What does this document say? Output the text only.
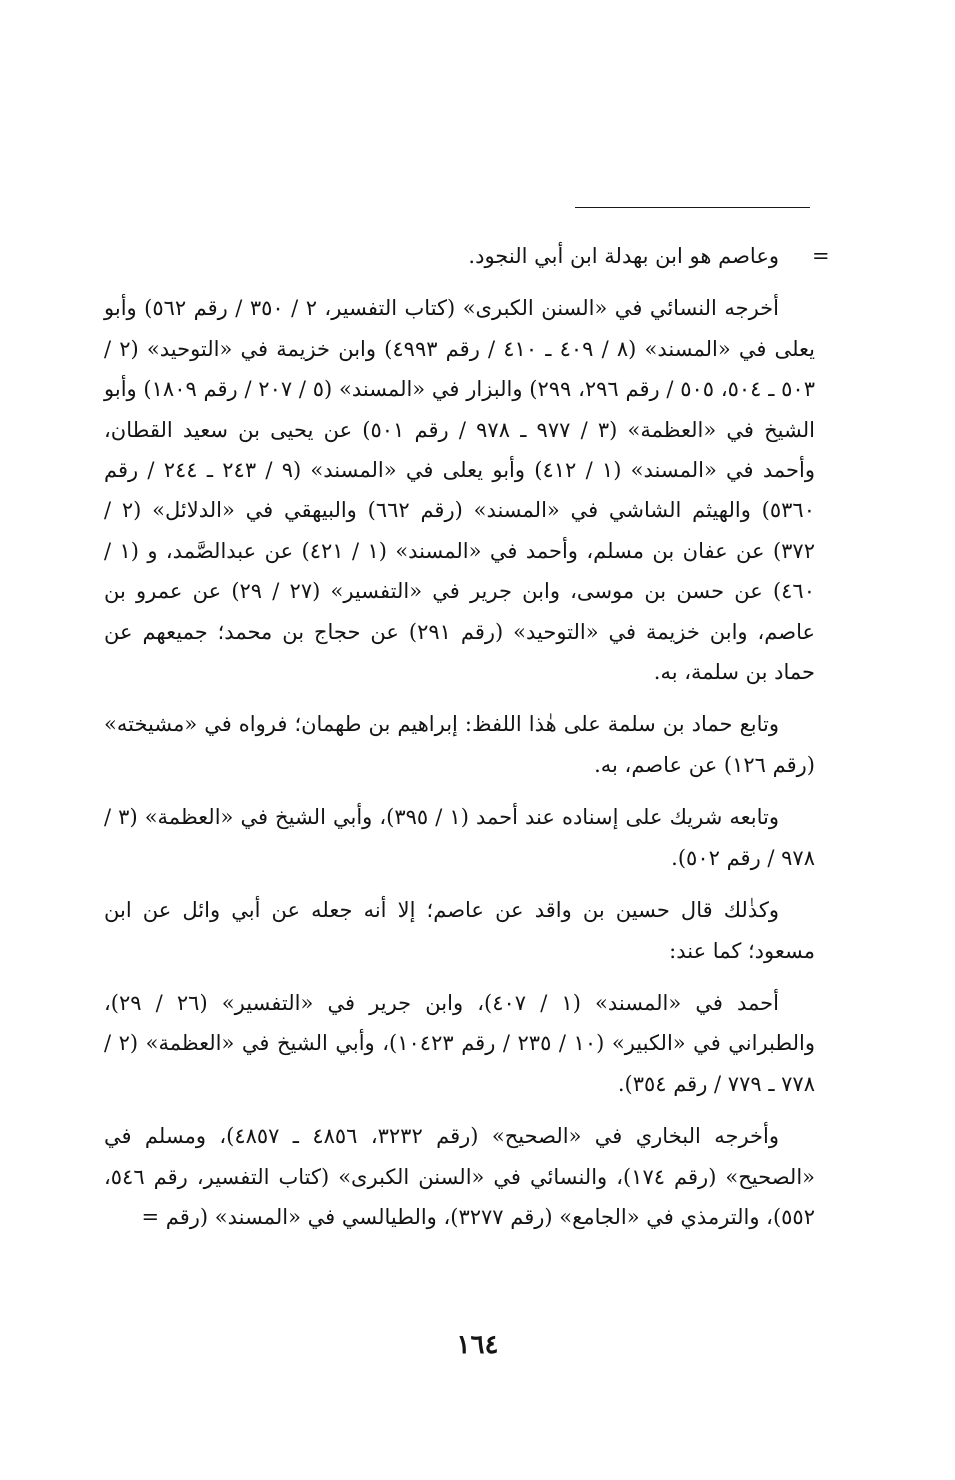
=

وعاصم هو ابن بهدلة ابن أبي النجود.

أخرجه النسائي في «السنن الكبرى» (كتاب التفسير، ٢ / ٣٥٠ / رقم ٥٦٢) وأبو يعلى في «المسند» (٨ / ٤٠٩ ـ ٤١٠ / رقم ٤٩٩٣) وابن خزيمة في «التوحيد» (٢ / ٥٠٣ ـ ٥٠٤، ٥٠٥ / رقم ٢٩٦، ٢٩٩) والبزار في «المسند» (٥ / ٢٠٧ / رقم ١٨٠٩) وأبو الشيخ في «العظمة» (٣ / ٩٧٧ ـ ٩٧٨ / رقم ٥٠١) عن يحيى بن سعيد القطان، وأحمد في «المسند» (١ / ٤١٢) وأبو يعلى في «المسند» (٩ / ٢٤٣ ـ ٢٤٤ / رقم ٥٣٦٠) والهيثم الشاشي في «المسند» (رقم ٦٦٢) والبيهقي في «الدلائل» (٢ / ٣٧٢) عن عفان بن مسلم، وأحمد في «المسند» (١ / ٤٢١) عن عبدالصَّمد، و (١ / ٤٦٠) عن حسن بن موسى، وابن جرير في «التفسير» (٢٧ / ٢٩) عن عمرو بن عاصم، وابن خزيمة في «التوحيد» (رقم ٢٩١) عن حجاج بن محمد؛ جميعهم عن حماد بن سلمة، به.

وتابع حماد بن سلمة على هٰذا اللفظ: إبراهيم بن طهمان؛ فرواه في «مشيخته» (رقم ١٢٦) عن عاصم، به.

وتابعه شريك على إسناده عند أحمد (١ / ٣٩٥)، وأبي الشيخ في «العظمة» (٣ / ٩٧٨ / رقم ٥٠٢).

وكذٰلك قال حسين بن واقد عن عاصم؛ إلا أنه جعله عن أبي وائل عن ابن مسعود؛ كما عند:

أحمد في «المسند» (١ / ٤٠٧)، وابن جرير في «التفسير» (٢٦ / ٢٩)، والطبراني في «الكبير» (١٠ / ٢٣٥ / رقم ١٠٤٢٣)، وأبي الشيخ في «العظمة» (٢ / ٧٧٨ ـ ٧٧٩ / رقم ٣٥٤).

وأخرجه البخاري في «الصحيح» (رقم ٣٢٣٢، ٤٨٥٦ ـ ٤٨٥٧)، ومسلم في «الصحيح» (رقم ١٧٤)، والنسائي في «السنن الكبرى» (كتاب التفسير، رقم ٥٤٦، ٥٥٢)، والترمذي في «الجامع» (رقم ٣٢٧٧)، والطيالسي في «المسند» (رقم =

١٦٤
